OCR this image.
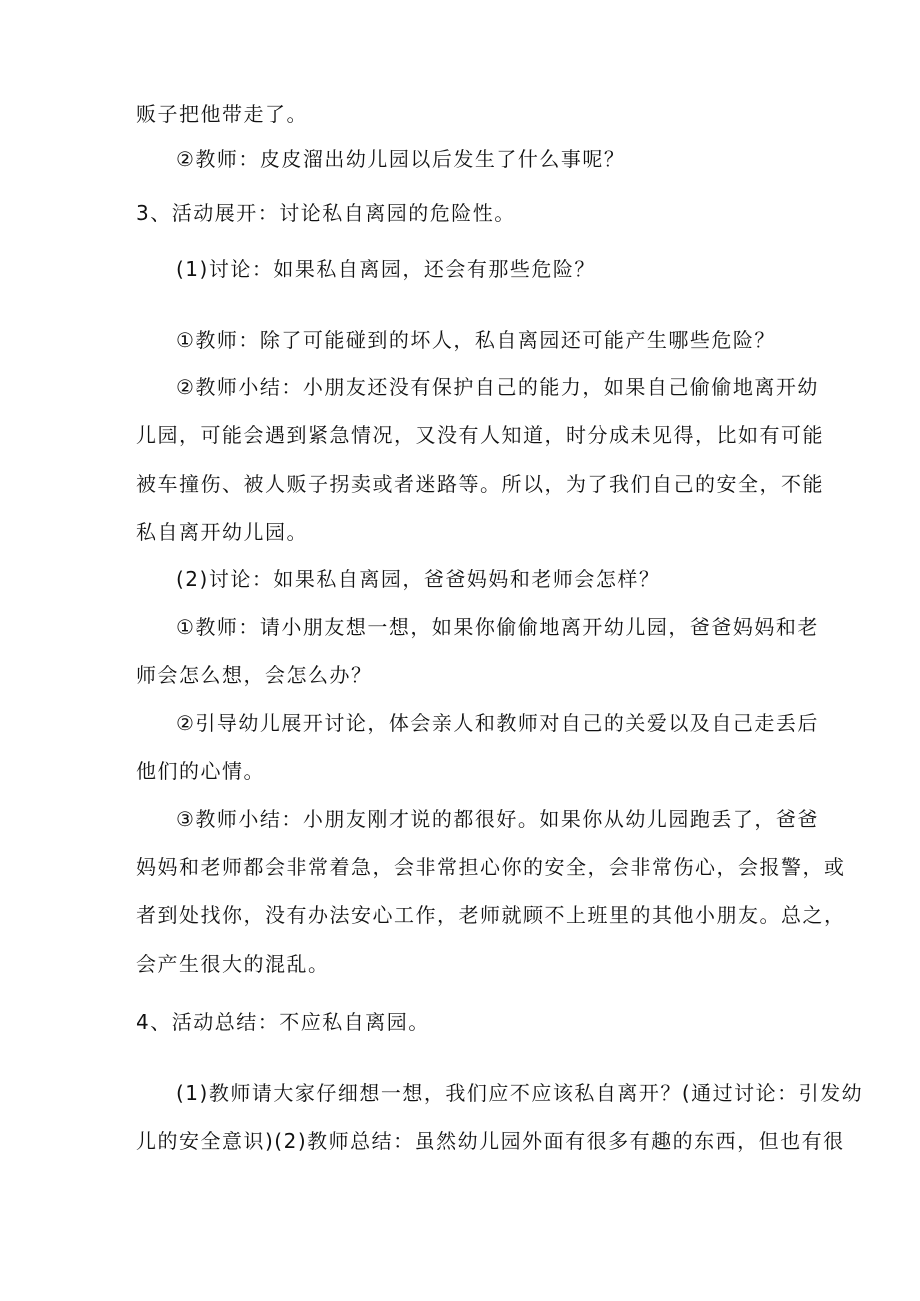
贩子把他带走了。
②教师：皮皮溜出幼儿园以后发生了什么事呢？
3、活动展开：讨论私自离园的危险性。
(1)讨论：如果私自离园，还会有那些危险？
①教师：除了可能碰到的坏人，私自离园还可能产生哪些危险？
②教师小结：小朋友还没有保护自己的能力，如果自己偷偷地离开幼
儿园，可能会遇到紧急情况，又没有人知道，时分成未见得，比如有可能
被车撞伤、被人贩子拐卖或者迷路等。所以，为了我们自己的安全，不能
私自离开幼儿园。
(2)讨论：如果私自离园，爸爸妈妈和老师会怎样？
①教师：请小朋友想一想，如果你偷偷地离开幼儿园，爸爸妈妈和老
师会怎么想，会怎么办？
②引导幼儿展开讨论，体会亲人和教师对自己的关爱以及自己走丢后
他们的心情。
③教师小结：小朋友刚才说的都很好。如果你从幼儿园跑丢了，爸爸
妈妈和老师都会非常着急，会非常担心你的安全，会非常伤心，会报警，或
者到处找你，没有办法安心工作，老师就顾不上班里的其他小朋友。总之，
会产生很大的混乱。
4、活动总结：不应私自离园。
(1)教师请大家仔细想一想，我们应不应该私自离开？(通过讨论：引发幼
儿的安全意识)(2)教师总结：虽然幼儿园外面有很多有趣的东西，但也有很
